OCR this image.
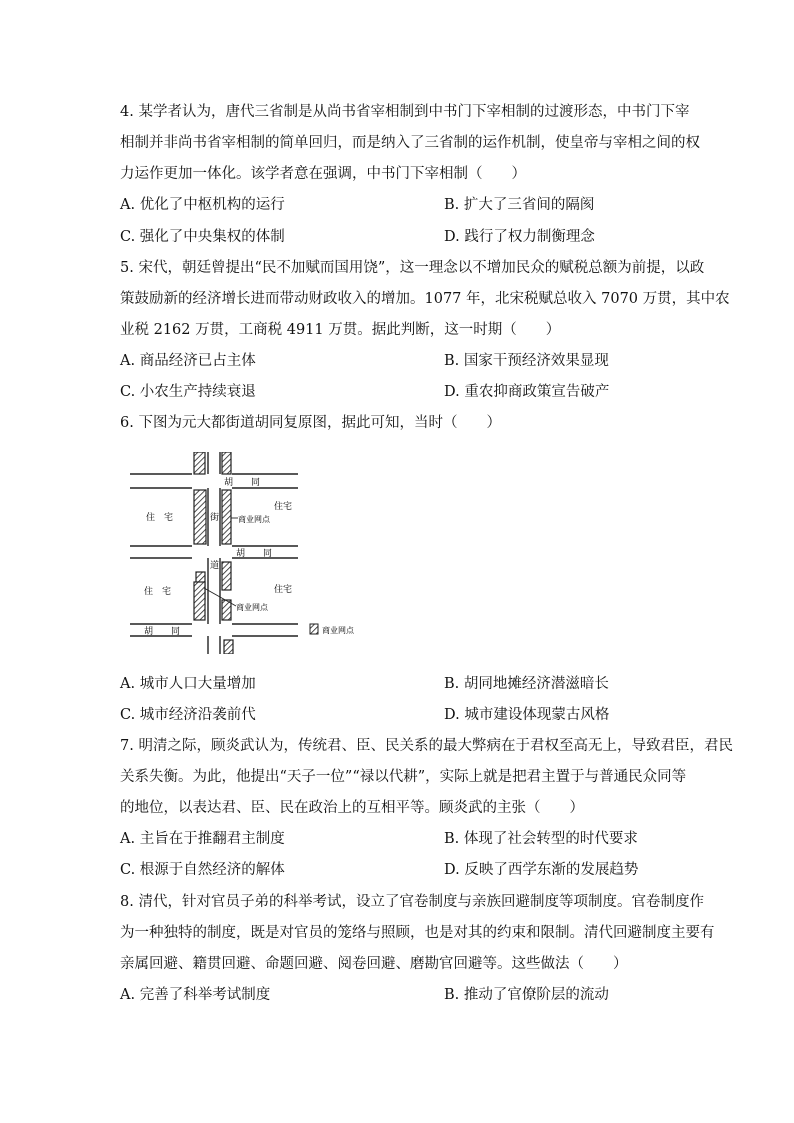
4. 某学者认为，唐代三省制是从尚书省宰相制到中书门下宰相制的过渡形态，中书门下宰
相制并非尚书省宰相制的简单回归，而是纳入了三省制的运作机制，使皇帝与宰相之间的权
力运作更加一体化。该学者意在强调，中书门下宰相制（　　）
A. 优化了中枢机构的运行	B. 扩大了三省间的隔阂
C. 强化了中央集权的体制	D. 践行了权力制衡理念
5. 宋代，朝廷曾提出“民不加赋而国用饶”，这一理念以不增加民众的赋税总额为前提，以政
策鼓励新的经济增长进而带动财政收入的增加。1077 年，北宋税赋总收入 7070 万贯，其中农
业税 2162 万贯，工商税 4911 万贯。据此判断，这一时期（　　）
A. 商品经济已占主体	B. 国家干预经济效果显现
C. 小农生产持续衰退	D. 重农抑商政策宣告破产
6. 下图为元大都街道胡同复原图，据此可知，当时（　　）
胡　　同
胡　　同
胡　　同
街
道
住　宅
住宅
住　宅	住宅
商业网点
商业网点
商业网点
A. 城市人口大量增加	B. 胡同地摊经济潜滋暗长
C. 城市经济沿袭前代	D. 城市建设体现蒙古风格
7. 明清之际，顾炎武认为，传统君、臣、民关系的最大弊病在于君权至高无上，导致君臣，君民
关系失衡。为此，他提出“天子一位”“禄以代耕”，实际上就是把君主置于与普通民众同等
的地位，以表达君、臣、民在政治上的互相平等。顾炎武的主张（　　）
A. 主旨在于推翻君主制度	B. 体现了社会转型的时代要求
C. 根源于自然经济的解体	D. 反映了西学东渐的发展趋势
8. 清代，针对官员子弟的科举考试，设立了官卷制度与亲族回避制度等项制度。官卷制度作
为一种独特的制度，既是对官员的笼络与照顾，也是对其的约束和限制。清代回避制度主要有
亲属回避、籍贯回避、命题回避、阅卷回避、磨勘官回避等。这些做法（　　）
A. 完善了科举考试制度	B. 推动了官僚阶层的流动
